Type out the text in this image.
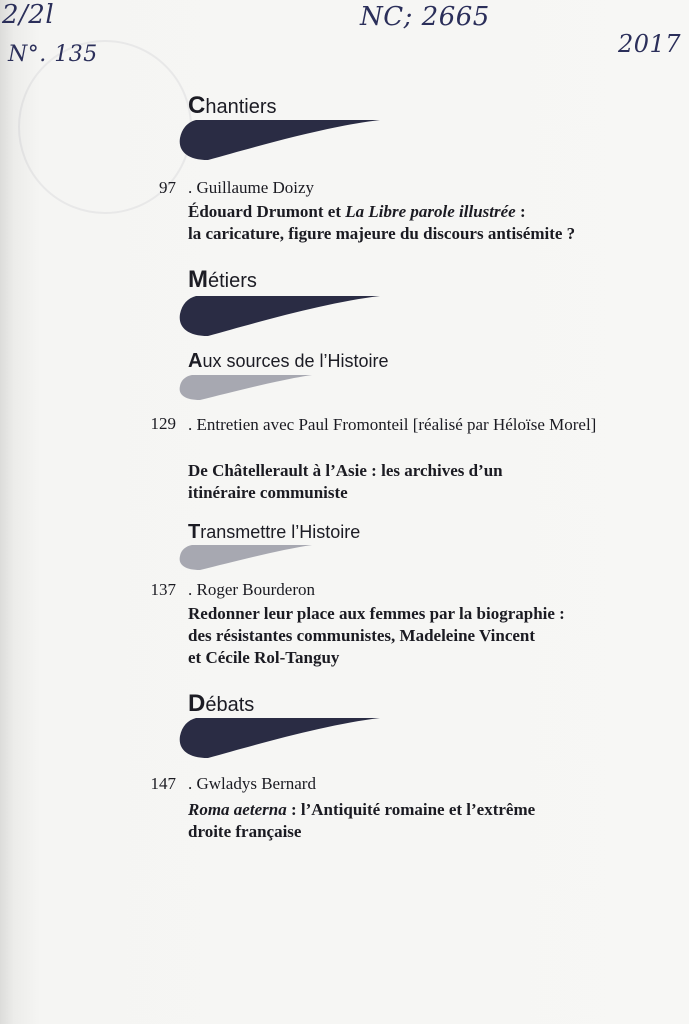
2/2l
N°. 135
NC; 2665
2017
Chantiers
97 . Guillaume Doizy
Édouard Drumont et La Libre parole illustrée :
la caricature, figure majeure du discours antisémite ?
Métiers
Aux sources de l’Histoire
129 . Entretien avec Paul Fromonteil [réalisé par Héloïse Morel]
De Châtellerault à l’Asie : les archives d’un
itinéraire communiste
Transmettre l’Histoire
137 . Roger Bourderon
Redonner leur place aux femmes par la biographie :
des résistantes communistes, Madeleine Vincent
et Cécile Rol-Tanguy
Débats
147 . Gwladys Bernard
Roma aeterna : l’Antiquité romaine et l’extrême
droite française
